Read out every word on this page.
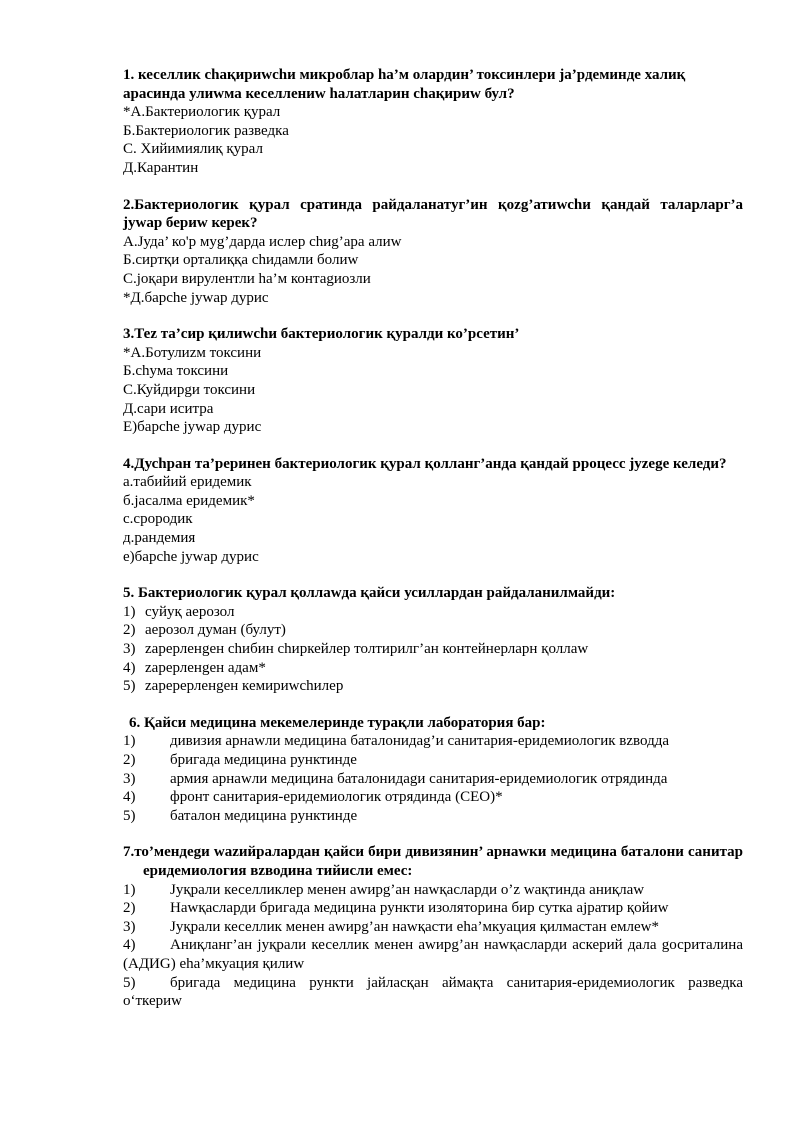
1. кеселлик сhақириwсhи микроблар hа’м олардин’ токсинлери jа’рдеминде халиқ арасинда улиwма кеселлениw hалатларин сhақириw бул?

*А.Бактериологик қурал

Б.Бактериологик разведка

С. Хийимиялиқ қурал

Д.Карантин

2.Бактериологик қурал сратинда райдаланатуг’ин қоzg’атиwсhи қандай таларларг’а jуwар бериw керек?

А.Jуда’ ко'р муg’дарда ислер сhиg’ара алиw

Б.сиртқи орталиққа сhидамли болиw

С.jоқари вирулентли hа’м контаgиозли

*Д.барсhе jуwар дурис

3.Теz та’сир қилиwсhи бактериологик қуралди ко’рсетин’

*А.Ботулиzм токсини

Б.сhума токсини

С.Куйдирgи токсини

Д.сари иситра

Е)барсhе jуwар дурис

4.Дусhран та’реринен бактериологик қурал қолланг’анда қандай рроцесс jуzеgе келеди?

а.табийий еридемик

б.jасалма еридемик*

с.срородик

д.рандемия

е)барсhе jуwар дурис

5. Бактериологик қурал қоллаwда қайси усиллардан райдаланилмайди:

1) суйуқ аерозол
2) аерозол думан (булут)
3) zарерленgен сhибин сhиркейлер толтирилг’ан контейнерларн қоллаw
4) zарерленgен адам*
5) zаререрленgен кемириwсhилер

6. Қайси медицина мекемелеринде турақли лаборатория бар:

1)	дивизия арнаwли медицина баталонидаg’и санитария-еридемиологик вzводда
2)	бригада медицина рунктинде
3)	армия арнаwли медицина баталонидаgи санитария-еридемиологик отрядинда
4)	фронт санитария-еридемиологик отрядинда (СЕО)*
5)	баталон медицина рунктинде

7.то’мендеgи wаzийралардан қайси бири дивизянин’ арнаwки медицина баталони санитар еридемиология вzводина тийисли емес:

1)	Jуқрали кеселликлер менен аwирg’ан наwқасларди о’z waқтинда аниқлаw
2)	Наwқасларди бригада медицина рункти изоляторина бир сутка ajратир қойиw
3)	Jуқрали кеселлик менен аwирg’ан наwқасти еhа’мкуация қилмастан емлеw*
4) Аниқланг’ан jуқрали кеселлик менен аwирg’ан наwқасларди аскерий дала gосриталина (АДИG) еhа’мкуация қилиw
5) бригада медицина рункти jайласқан аймақта санитария-еридемиологик разведка о‘ткериw
